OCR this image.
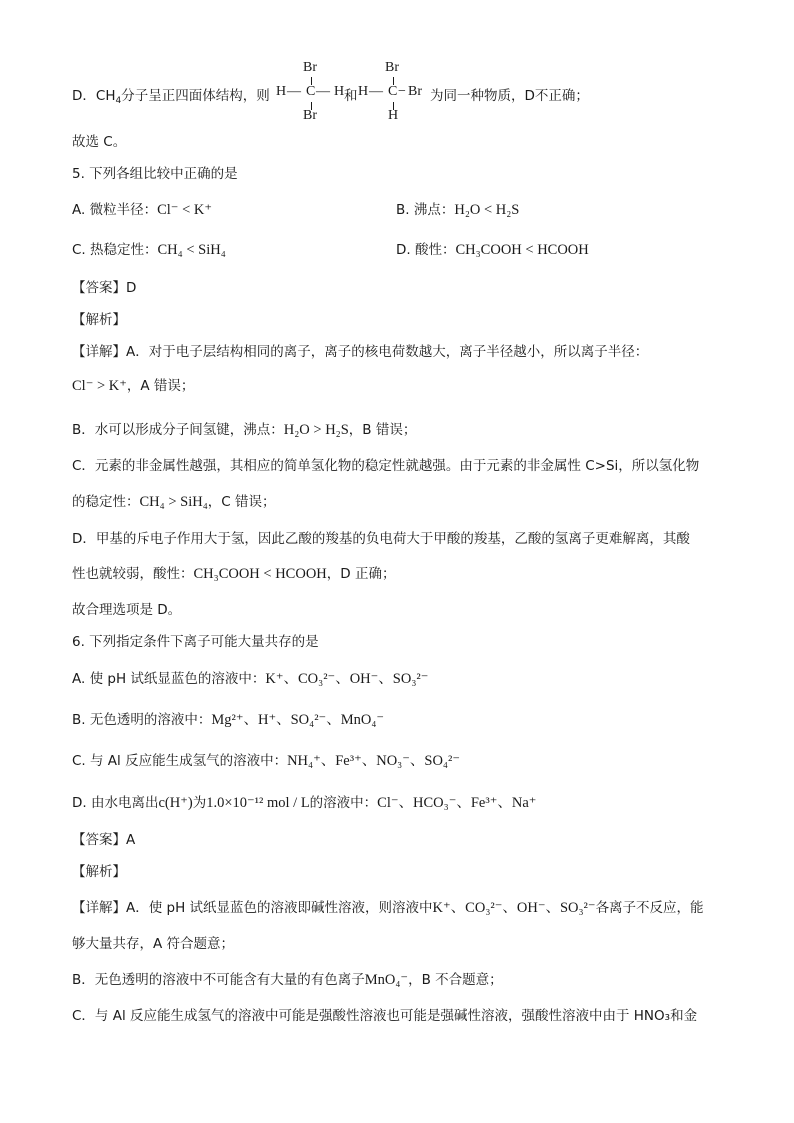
D．$CH_4$分子呈正四面体结构，则
Br
H — C — H
Br
和
Br
H — C − Br
H
为同一种物质，D不正确；
故选 C。
5. 下列各组比较中正确的是
A. 微粒半径：Cl⁻ < K⁺	B. 沸点：H₂O < H₂S
C. 热稳定性：CH₄ < SiH₄	D. 酸性：CH₃COOH < HCOOH
【答案】D
【解析】
【详解】A．对于电子层结构相同的离子，离子的核电荷数越大，离子半径越小，所以离子半径：
Cl⁻ > K⁺，A 错误；
B．水可以形成分子间氢键，沸点：H₂O > H₂S，B 错误；
C．元素的非金属性越强，其相应的简单氢化物的稳定性就越强。由于元素的非金属性 C>Si，所以氢化物
的稳定性：CH₄ > SiH₄，C 错误；
D．甲基的斥电子作用大于氢，因此乙酸的羧基的负电荷大于甲酸的羧基，乙酸的氢离子更难解离，其酸
性也就较弱，酸性：CH₃COOH < HCOOH，D 正确；
故合理选项是 D。
6. 下列指定条件下离子可能大量共存的是
A. 使 pH 试纸显蓝色的溶液中：K⁺、CO₃²⁻、OH⁻、SO₃²⁻
B. 无色透明的溶液中：Mg²⁺、H⁺、SO₄²⁻、MnO₄⁻
C. 与 Al 反应能生成氢气的溶液中：NH₄⁺、Fe³⁺、NO₃⁻、SO₄²⁻
D. 由水电离出c(H⁺)为1.0×10⁻¹² mol / L的溶液中：Cl⁻、HCO₃⁻、Fe³⁺、Na⁺
【答案】A
【解析】
【详解】A．使 pH 试纸显蓝色的溶液即碱性溶液，则溶液中K⁺、CO₃²⁻、OH⁻、SO₃²⁻各离子不反应，能
够大量共存，A 符合题意；
B．无色透明的溶液中不可能含有大量的有色离子MnO₄⁻，B 不合题意；
C．与 Al 反应能生成氢气的溶液中可能是强酸性溶液也可能是强碱性溶液，强酸性溶液中由于 HNO₃和金
